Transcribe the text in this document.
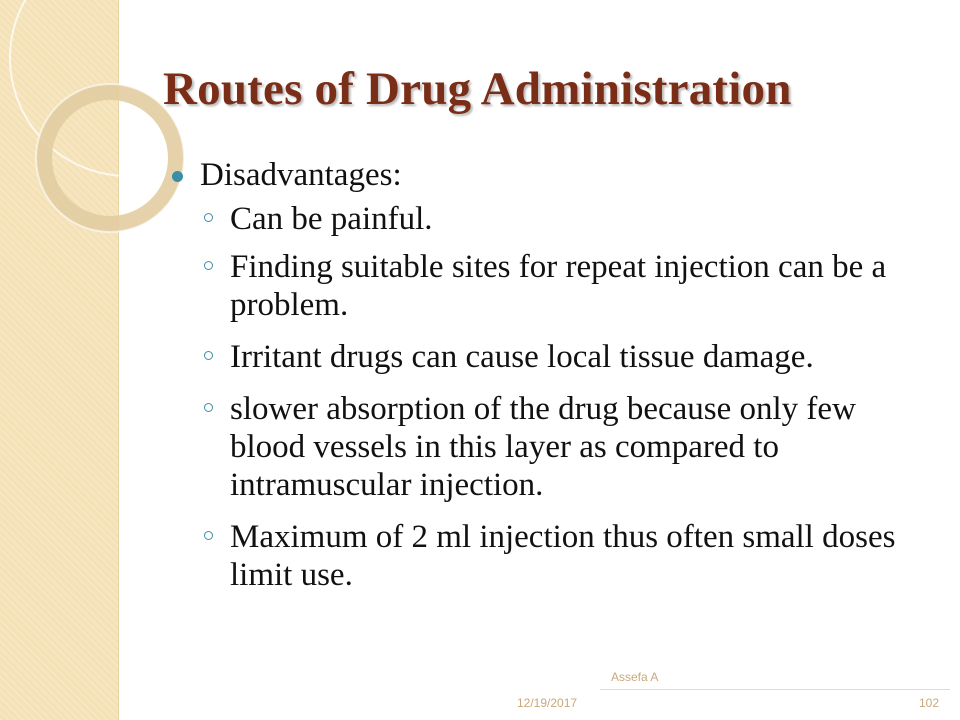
Routes of Drug Administration
Disadvantages:
Can be painful.
Finding suitable sites for repeat injection can be a problem.
Irritant drugs can cause local tissue damage.
slower absorption of the drug because only few blood vessels in this layer as compared to intramuscular injection.
Maximum of 2 ml injection thus often small doses limit use.
Assefa A
12/19/2017	102
